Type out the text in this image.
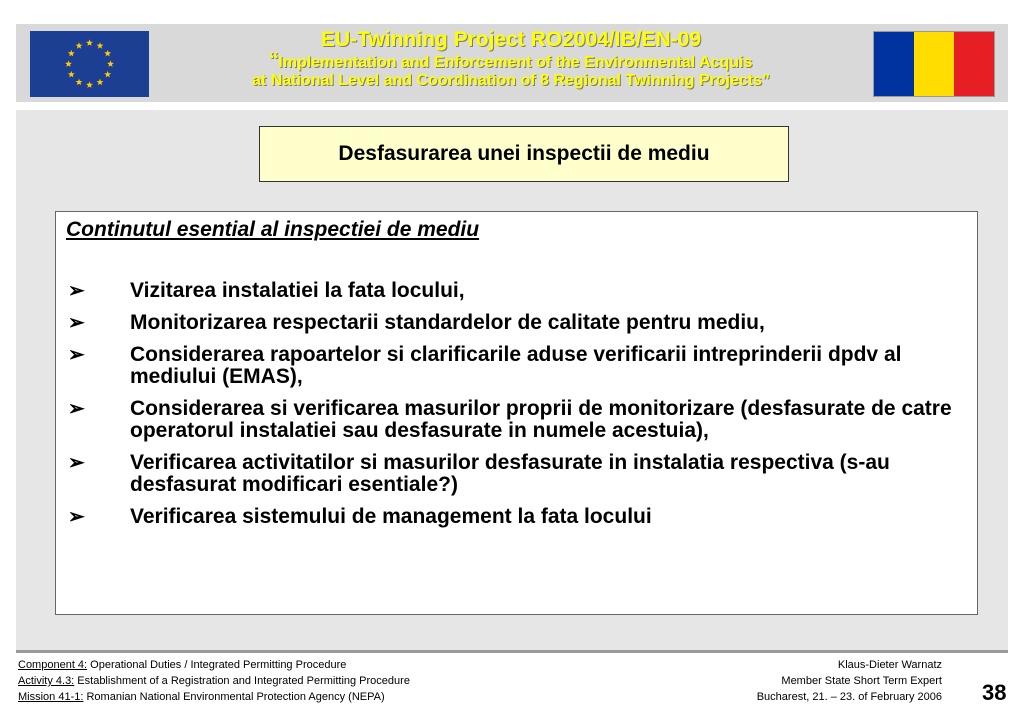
EU-Twinning Project RO2004/IB/EN-09
“Implementation and Enforcement of the Environmental Acquis
at National Level and Coordination of 8 Regional Twinning Projects”
Desfasurarea unei inspectii de mediu
Continutul esential al inspectiei de mediu
➢ Vizitarea instalatiei la fata locului,
➢ Monitorizarea respectarii standardelor de calitate pentru mediu,
➢ Considerarea rapoartelor si clarificarile aduse verificarii intreprinderii dpdv al mediului (EMAS),
➢ Considerarea si verificarea masurilor proprii de monitorizare (desfasurate de catre operatorul instalatiei sau desfasurate in numele acestuia),
➢ Verificarea activitatilor si masurilor desfasurate in instalatia respectiva (s-au desfasurat modificari esentiale?)
➢ Verificarea sistemului de management la fata locului
Component 4: Operational Duties / Integrated Permitting Procedure
Activity 4.3: Establishment of a Registration and Integrated Permitting Procedure
Mission 41-1: Romanian National Environmental Protection Agency (NEPA)
Klaus-Dieter Warnatz
Member State Short Term Expert
Bucharest, 21. – 23. of February 2006 38
